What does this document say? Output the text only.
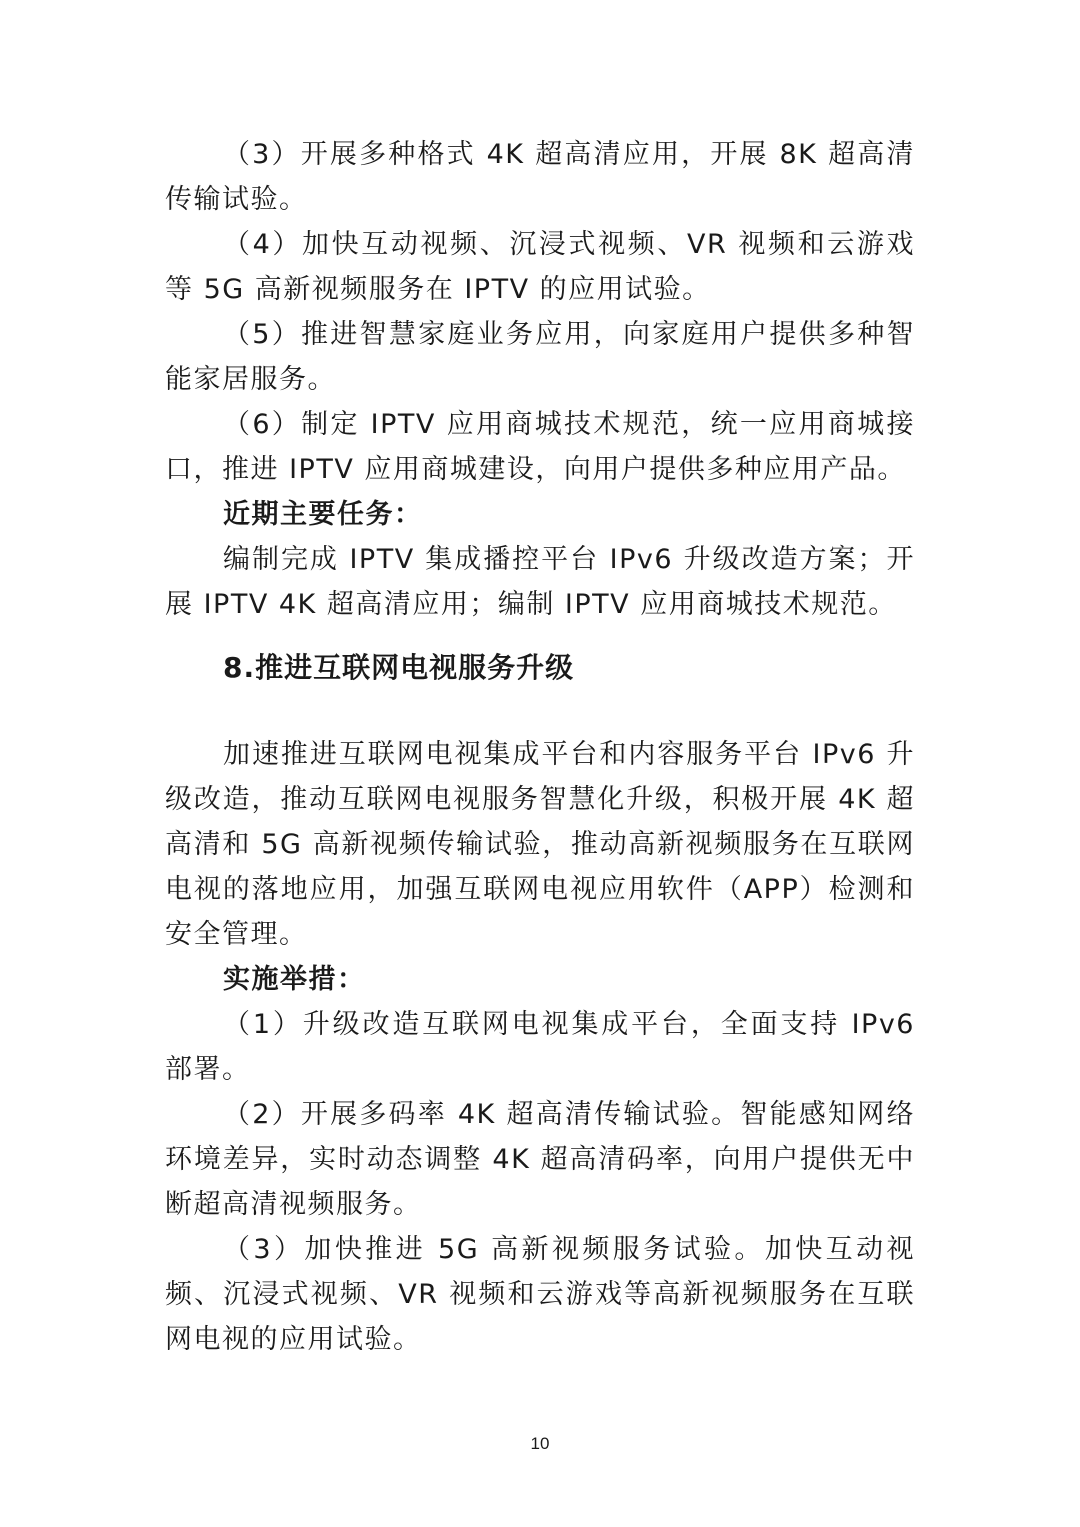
（3）开展多种格式 4K 超高清应用，开展 8K 超高清传输试验。

（4）加快互动视频、沉浸式视频、VR 视频和云游戏等 5G 高新视频服务在 IPTV 的应用试验。

（5）推进智慧家庭业务应用，向家庭用户提供多种智能家居服务。

（6）制定 IPTV 应用商城技术规范，统一应用商城接口，推进 IPTV 应用商城建设，向用户提供多种应用产品。

近期主要任务：

编制完成 IPTV 集成播控平台 IPv6 升级改造方案；开展 IPTV 4K 超高清应用；编制 IPTV 应用商城技术规范。

8.推进互联网电视服务升级

加速推进互联网电视集成平台和内容服务平台 IPv6 升级改造，推动互联网电视服务智慧化升级，积极开展 4K 超高清和 5G 高新视频传输试验，推动高新视频服务在互联网电视的落地应用，加强互联网电视应用软件（APP）检测和安全管理。

实施举措：

（1）升级改造互联网电视集成平台，全面支持 IPv6 部署。

（2）开展多码率 4K 超高清传输试验。智能感知网络环境差异，实时动态调整 4K 超高清码率，向用户提供无中断超高清视频服务。

（3）加快推进 5G 高新视频服务试验。加快互动视频、沉浸式视频、VR 视频和云游戏等高新视频服务在互联网电视的应用试验。

10
